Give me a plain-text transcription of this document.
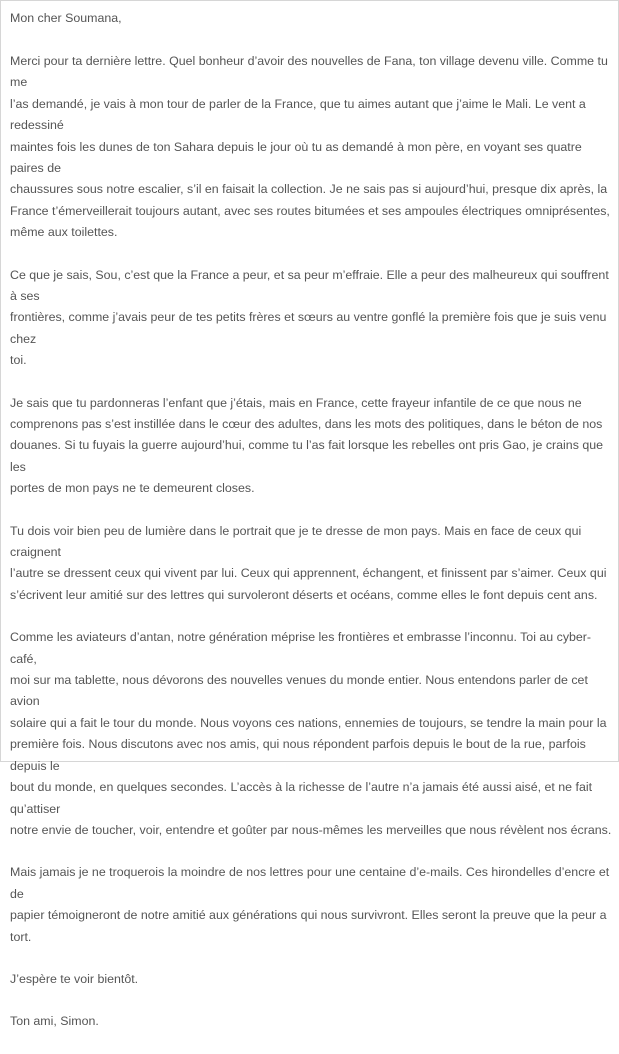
Mon cher Soumana,

Merci pour ta dernière lettre. Quel bonheur d’avoir des nouvelles de Fana, ton village devenu ville. Comme tu me
l’as demandé, je vais à mon tour de parler de la France, que tu aimes autant que j’aime le Mali. Le vent a redessiné
maintes fois les dunes de ton Sahara depuis le jour où tu as demandé à mon père, en voyant ses quatre paires de
chaussures sous notre escalier, s’il en faisait la collection. Je ne sais pas si aujourd’hui, presque dix après, la
France t’émerveillerait toujours autant, avec ses routes bitumées et ses ampoules électriques omniprésentes,
même aux toilettes.

Ce que je sais, Sou, c’est que la France a peur, et sa peur m’effraie. Elle a peur des malheureux qui souffrent à ses
frontières, comme j’avais peur de tes petits frères et sœurs au ventre gonflé la première fois que je suis venu chez
toi.

Je sais que tu pardonneras l’enfant que j’étais, mais en France, cette frayeur infantile de ce que nous ne
comprenons pas s’est instillée dans le cœur des adultes, dans les mots des politiques, dans le béton de nos
douanes. Si tu fuyais la guerre aujourd’hui, comme tu l’as fait lorsque les rebelles ont pris Gao, je crains que les
portes de mon pays ne te demeurent closes.

Tu dois voir bien peu de lumière dans le portrait que je te dresse de mon pays. Mais en face de ceux qui craignent
l’autre se dressent ceux qui vivent par lui. Ceux qui apprennent, échangent, et finissent par s’aimer. Ceux qui
s’écrivent leur amitié sur des lettres qui survoleront déserts et océans, comme elles le font depuis cent ans.

Comme les aviateurs d’antan, notre génération méprise les frontières et embrasse l’inconnu. Toi au cyber-café,
moi sur ma tablette, nous dévorons des nouvelles venues du monde entier. Nous entendons parler de cet avion
solaire qui a fait le tour du monde. Nous voyons ces nations, ennemies de toujours, se tendre la main pour la
première fois. Nous discutons avec nos amis, qui nous répondent parfois depuis le bout de la rue, parfois depuis le
bout du monde, en quelques secondes. L’accès à la richesse de l’autre n’a jamais été aussi aisé, et ne fait qu’attiser
notre envie de toucher, voir, entendre et goûter par nous-mêmes les merveilles que nous révèlent nos écrans.

Mais jamais je ne troquerois la moindre de nos lettres pour une centaine d’e-mails. Ces hirondelles d’encre et de
papier témoigneront de notre amitié aux générations qui nous survivront. Elles seront la preuve que la peur a tort.

J’espère te voir bientôt.

Ton ami, Simon.
